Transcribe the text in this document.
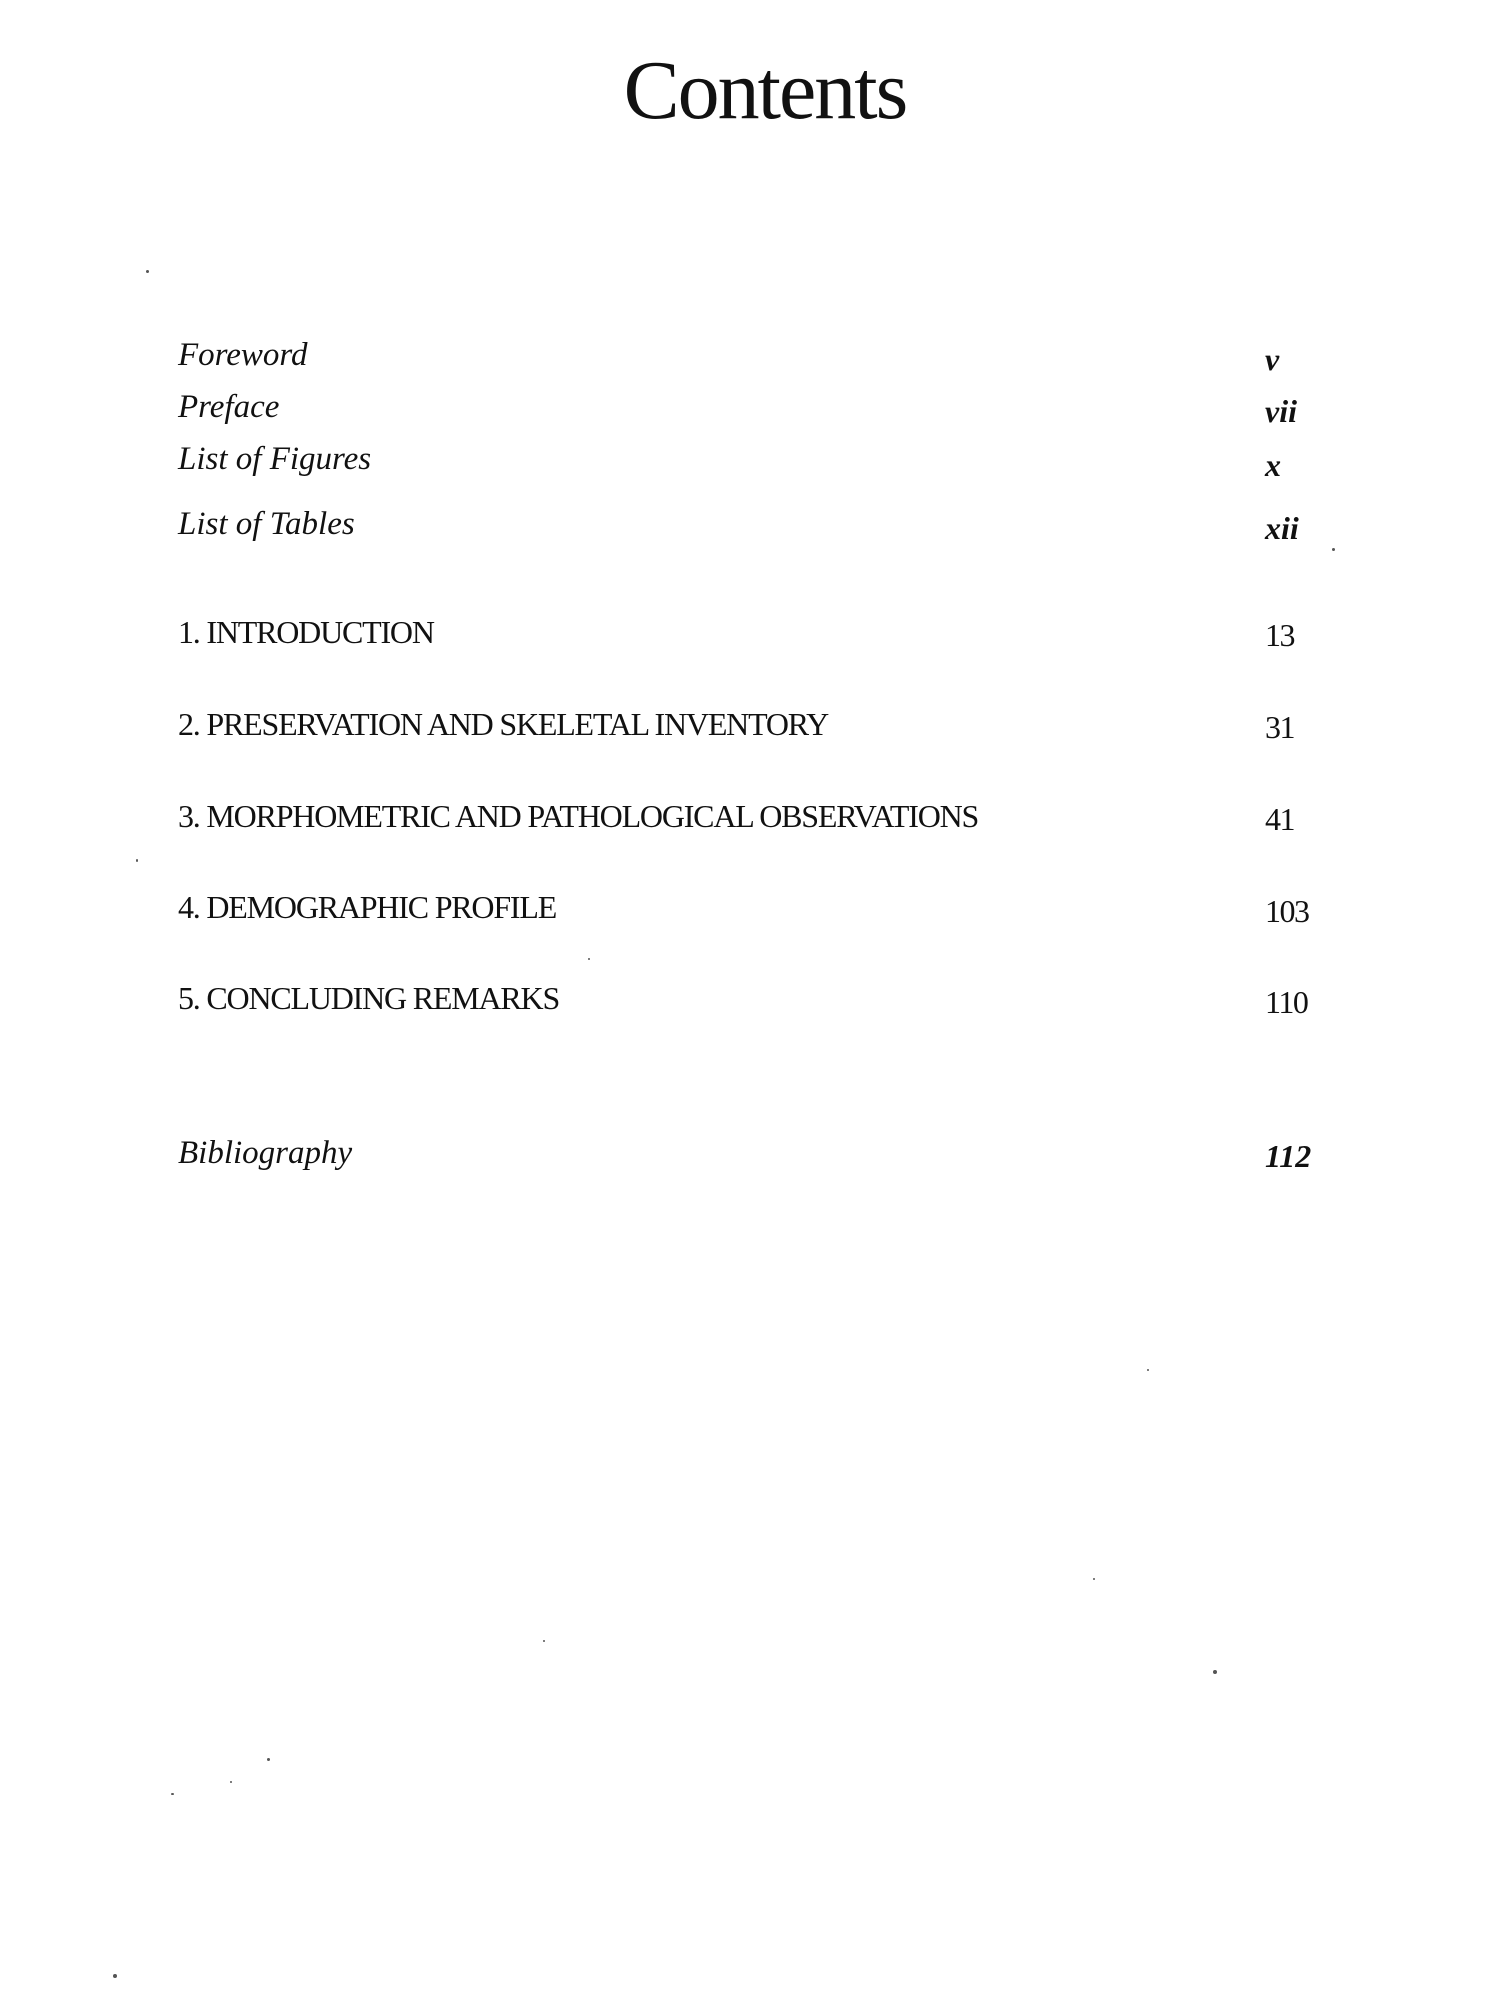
Contents
Foreword	v
Preface	vii
List of Figures	x
List of Tables	xii
1. INTRODUCTION	13
2. PRESERVATION AND SKELETAL INVENTORY	31
3. MORPHOMETRIC AND PATHOLOGICAL OBSERVATIONS	41
4. DEMOGRAPHIC PROFILE	103
5. CONCLUDING REMARKS	110
Bibliography	112
